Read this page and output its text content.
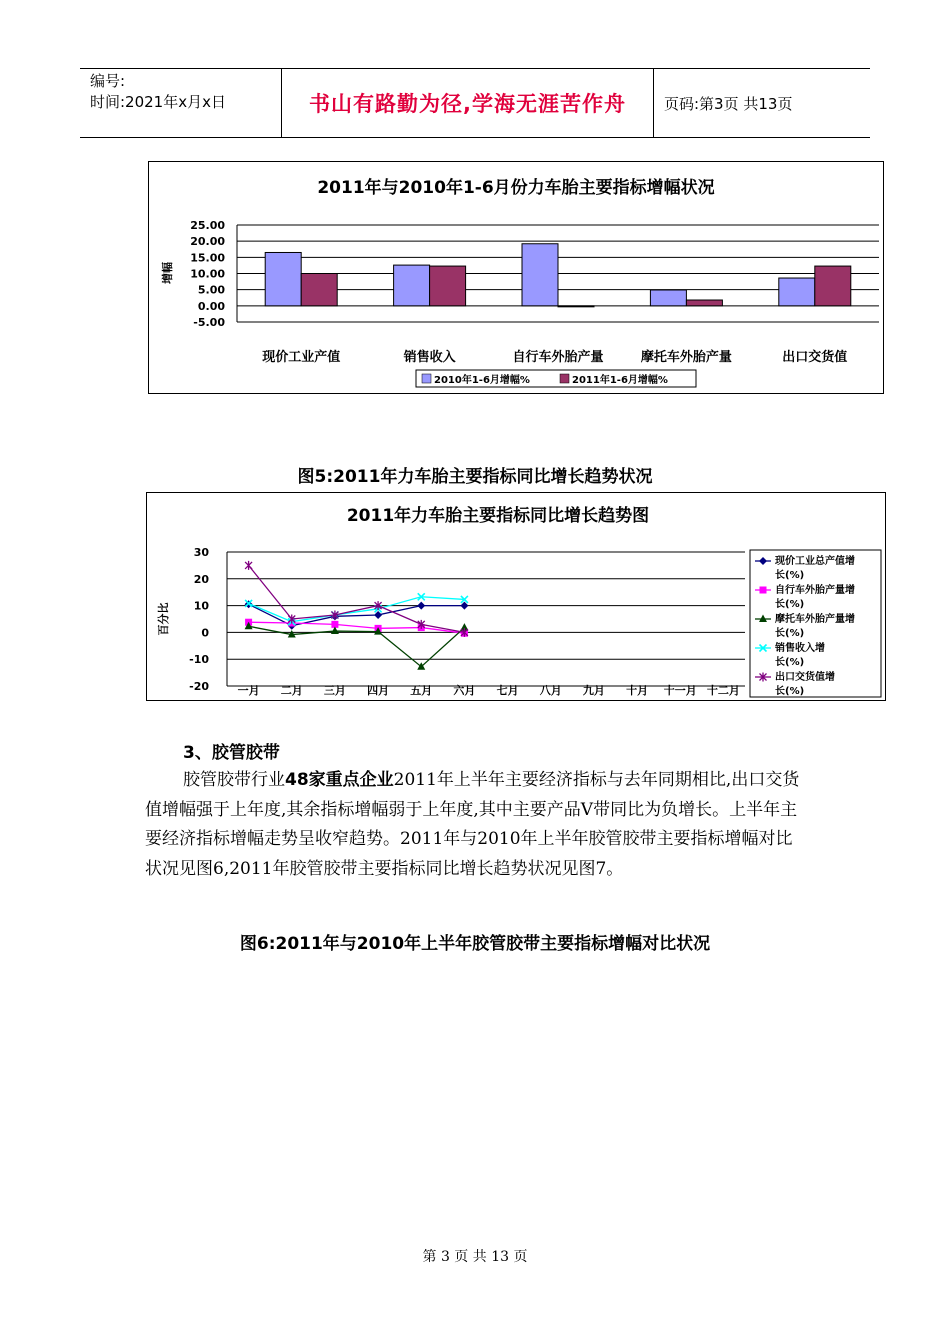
编号:
时间:2021年x月x日	书山有路勤为径,学海无涯苦作舟	页码:第3页 共13页
2011年与2010年1-6月份力车胎主要指标增幅状况
25.00
20.00
15.00
10.00
5.00
0.00
-5.00
增幅
现价工业产值	销售收入	自行车外胎产量	摩托车外胎产量	出口交货值
2010年1-6月增幅%	2011年1-6月增幅%
图5:2011年力车胎主要指标同比增长趋势状况
2011年力车胎主要指标同比增长趋势图
30
20
10
0
-10
-20
百分比
一月 二月 三月 四月 五月 六月 七月 八月 九月 十月 十一月 十二月
现价工业总产值增
长(%)
自行车外胎产量增
长(%)
摩托车外胎产量增
长(%)
销售收入增
长(%)
出口交货值增
长(%)
3、胶管胶带

胶管胶带行业48家重点企业2011年上半年主要经济指标与去年同期相比,出口交货值增幅强于上年度,其余指标增幅弱于上年度,其中主要产品V带同比为负增长。上半年主要经济指标增幅走势呈收窄趋势。2011年与2010年上半年胶管胶带主要指标增幅对比状况见图6,2011年胶管胶带主要指标同比增长趋势状况见图7。

图6:2011年与2010年上半年胶管胶带主要指标增幅对比状况
第 3 页 共 13 页
